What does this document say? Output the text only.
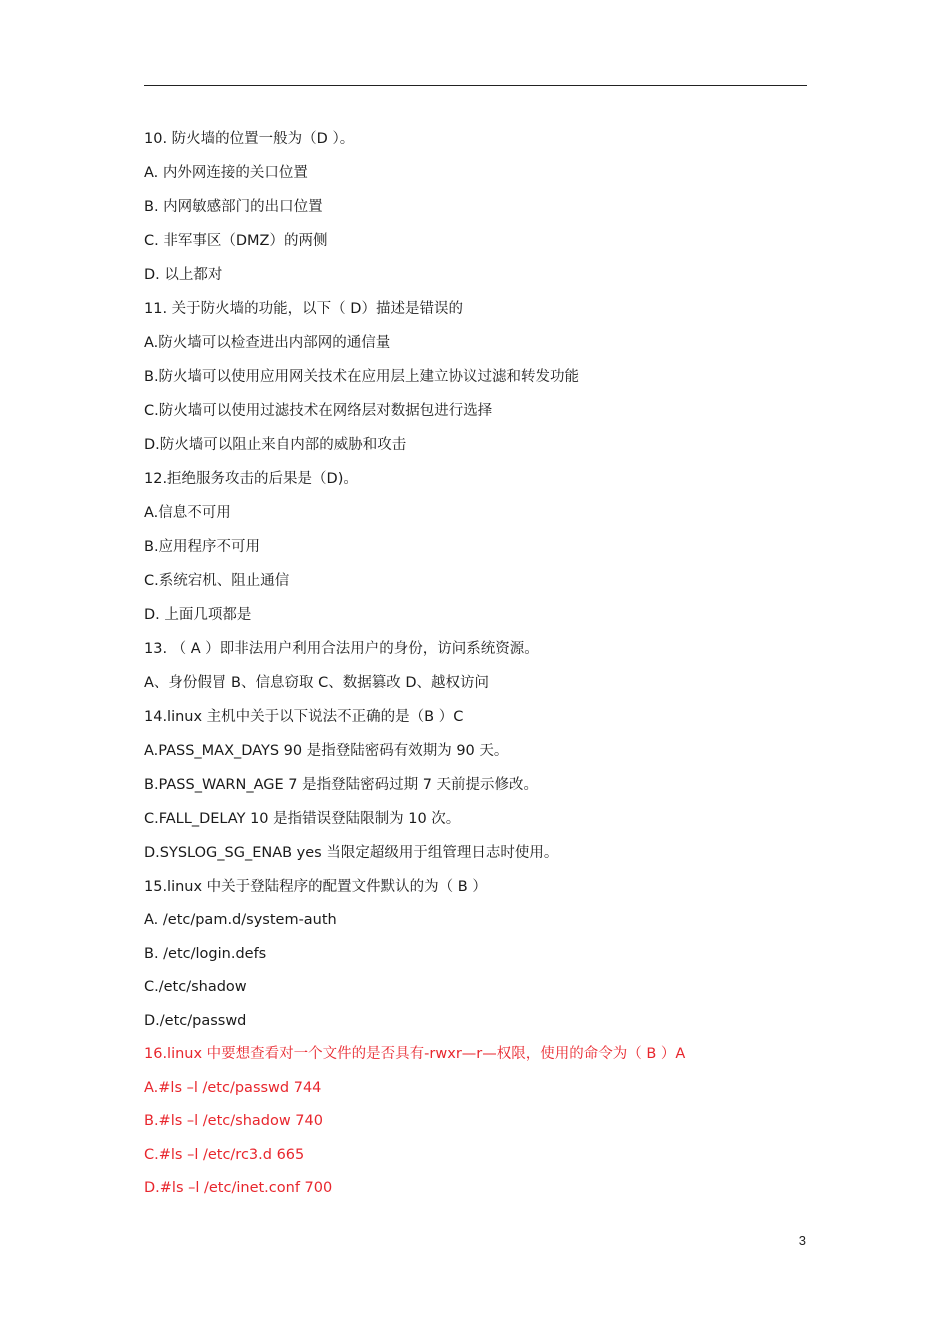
10. 防火墙的位置一般为（D ）。
A. 内外网连接的关口位置
B. 内网敏感部门的出口位置
C. 非军事区（DMZ）的两侧
D. 以上都对
11. 关于防火墙的功能，以下（ D）描述是错误的
A.防火墙可以检查进出内部网的通信量
B.防火墙可以使用应用网关技术在应用层上建立协议过滤和转发功能
C.防火墙可以使用过滤技术在网络层对数据包进行选择
D.防火墙可以阻止来自内部的威胁和攻击
12.拒绝服务攻击的后果是（D)。
A.信息不可用
B.应用程序不可用
C.系统宕机、阻止通信
D. 上面几项都是
13. （ A ）即非法用户利用合法用户的身份，访问系统资源。
A、身份假冒 B、信息窃取 C、数据篡改 D、越权访问
14.linux 主机中关于以下说法不正确的是（B ）C
A.PASS_MAX_DAYS 90 是指登陆密码有效期为 90 天。
B.PASS_WARN_AGE 7 是指登陆密码过期 7 天前提示修改。
C.FALL_DELAY 10 是指错误登陆限制为 10 次。
D.SYSLOG_SG_ENAB yes 当限定超级用于组管理日志时使用。
15.linux 中关于登陆程序的配置文件默认的为（ B ）
A. /etc/pam.d/system-auth
B. /etc/login.defs
C./etc/shadow
D./etc/passwd
16.linux 中要想查看对一个文件的是否具有-rwxr—r—权限，使用的命令为（ B ）A
A.#ls –l /etc/passwd 744
B.#ls –l /etc/shadow 740
C.#ls –l /etc/rc3.d 665
D.#ls –l /etc/inet.conf 700
3
